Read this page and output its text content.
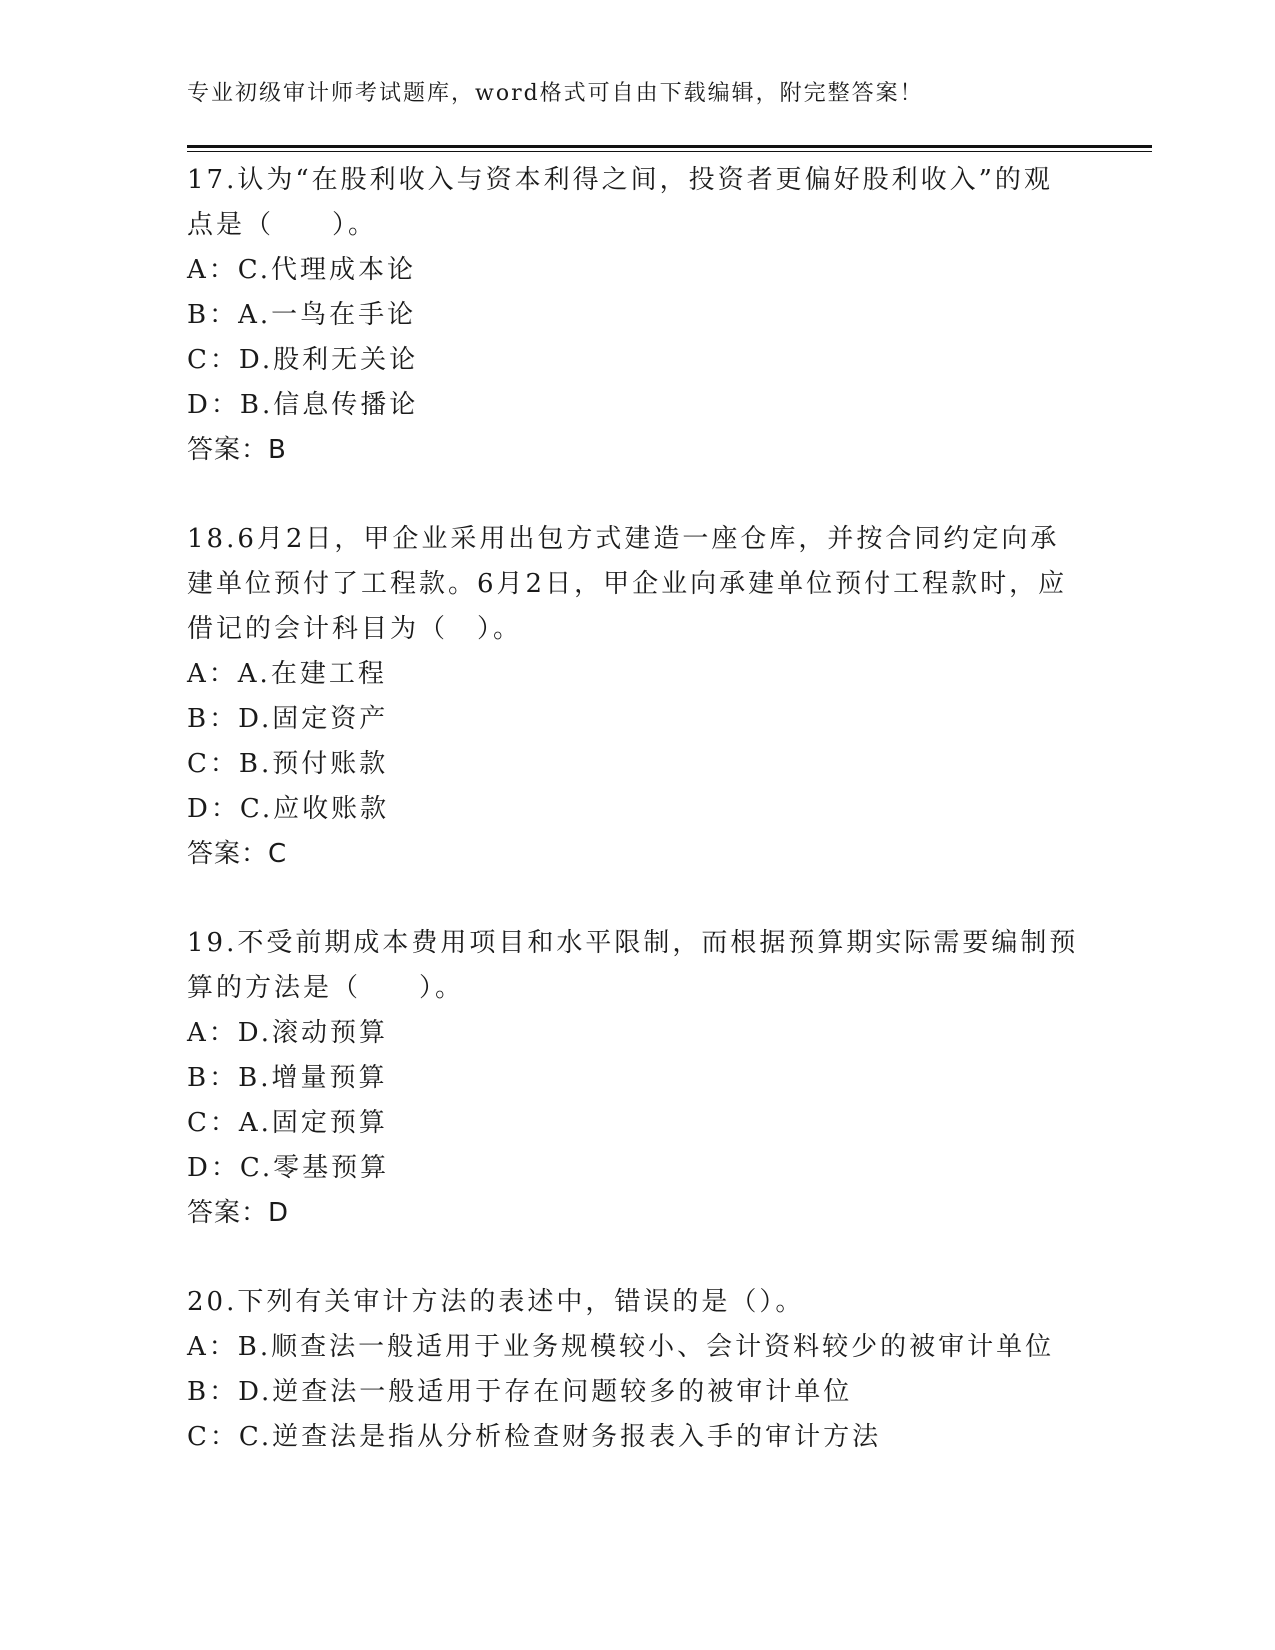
专业初级审计师考试题库，word格式可自由下载编辑，附完整答案！
17.认为“在股利收入与资本利得之间，投资者更偏好股利收入”的观
点是（　　）。
A：C.代理成本论
B：A.一鸟在手论
C：D.股利无关论
D：B.信息传播论
答案：B
18.6月2日，甲企业采用出包方式建造一座仓库，并按合同约定向承
建单位预付了工程款。6月2日，甲企业向承建单位预付工程款时，应
借记的会计科目为（　）。
A：A.在建工程
B：D.固定资产
C：B.预付账款
D：C.应收账款
答案：C
19.不受前期成本费用项目和水平限制，而根据预算期实际需要编制预
算的方法是（　　）。
A：D.滚动预算
B：B.增量预算
C：A.固定预算
D：C.零基预算
答案：D
20.下列有关审计方法的表述中，错误的是（）。
A：B.顺查法一般适用于业务规模较小、会计资料较少的被审计单位
B：D.逆查法一般适用于存在问题较多的被审计单位
C：C.逆查法是指从分析检查财务报表入手的审计方法
